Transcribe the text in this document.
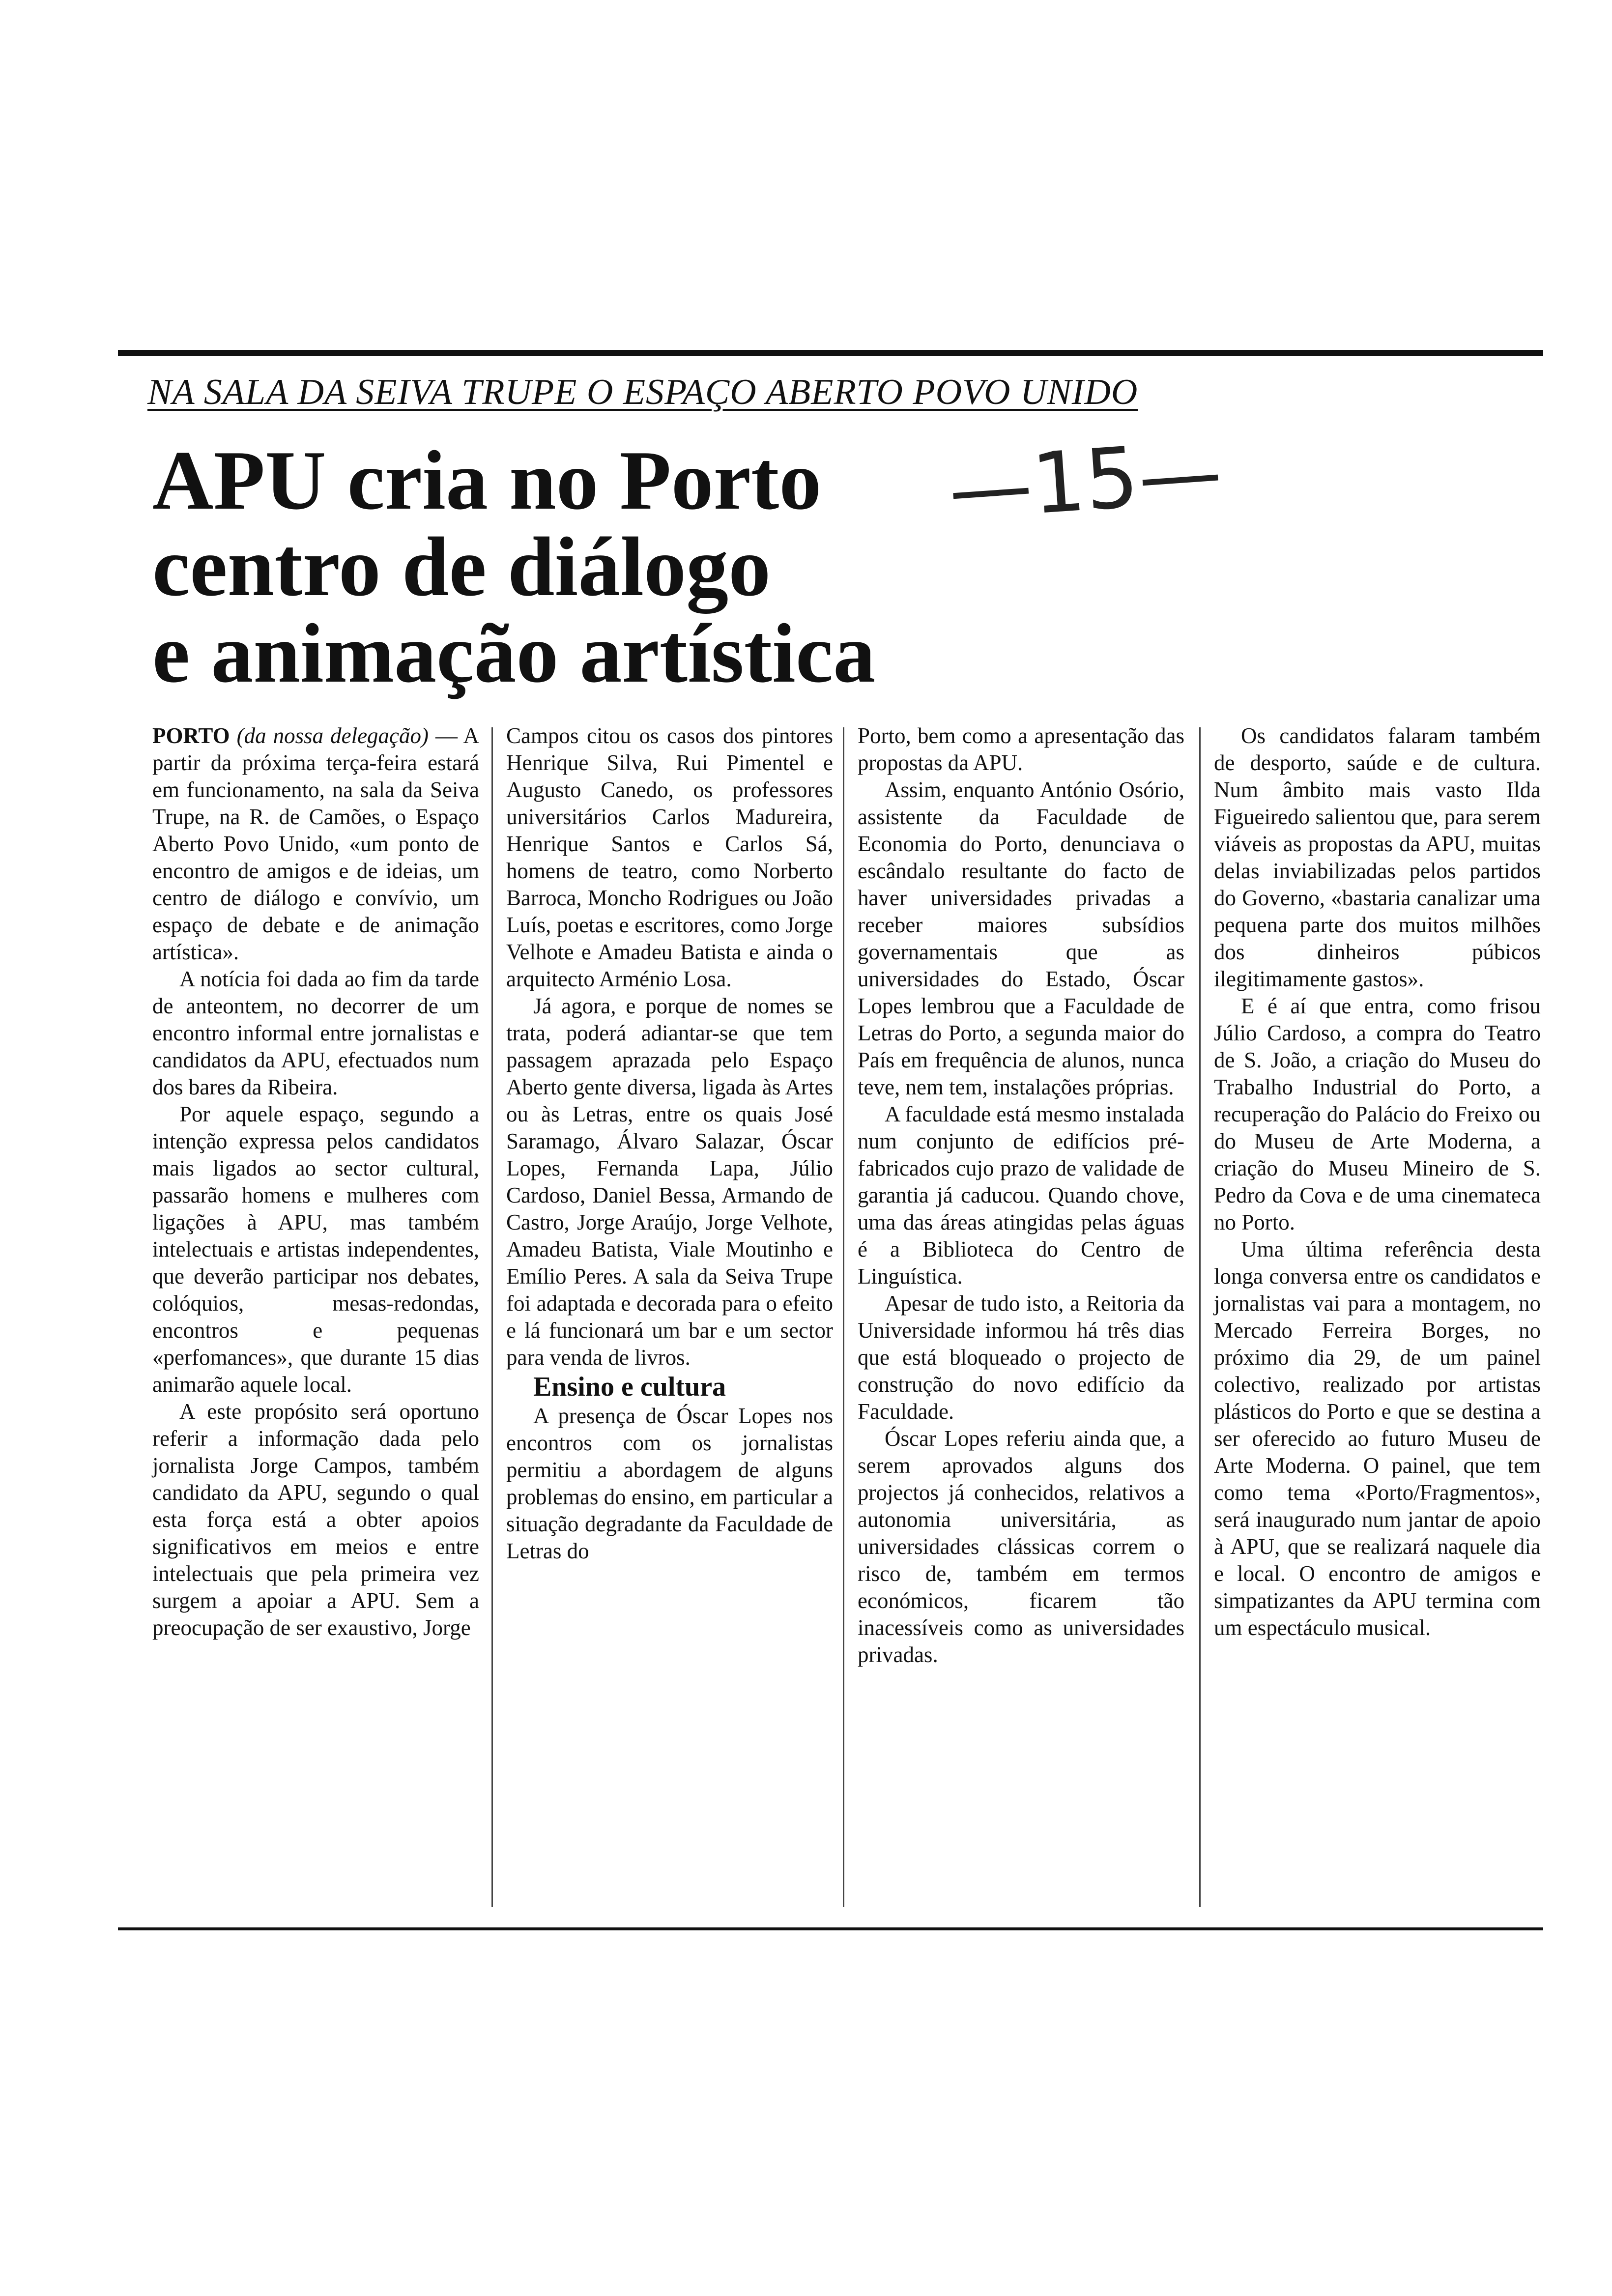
NA SALA DA SEIVA TRUPE O ESPAÇO ABERTO POVO UNIDO
APU cria no Porto
centro de diálogo
e animação artística
—15—

PORTO (da nossa delegação) — A partir da próxima terça-feira estará em funcionamento, na sala da Seiva Trupe, na R. de Camões, o Espaço Aberto Povo Unido, «um ponto de encontro de amigos e de ideias, um centro de diálogo e convívio, um espaço de debate e de animação artística».

A notícia foi dada ao fim da tarde de anteontem, no decorrer de um encontro informal entre jornalistas e candidatos da APU, efectuados num dos bares da Ribeira.

Por aquele espaço, segundo a intenção expressa pelos candidatos mais ligados ao sector cultural, passarão homens e mulheres com ligações à APU, mas também intelectuais e artistas independentes, que deverão participar nos debates, colóquios, mesas-redondas, encontros e pequenas «perfomances», que durante 15 dias animarão aquele local.

A este propósito será oportuno referir a informação dada pelo jornalista Jorge Campos, também candidato da APU, segundo o qual esta força está a obter apoios significativos em meios e entre intelectuais que pela primeira vez surgem a apoiar a APU. Sem a preocupação de ser exaustivo, Jorge

Campos citou os casos dos pintores Henrique Silva, Rui Pimentel e Augusto Canedo, os professores universitários Carlos Madureira, Henrique Santos e Carlos Sá, homens de teatro, como Norberto Barroca, Moncho Rodrigues ou João Luís, poetas e escritores, como Jorge Velhote e Amadeu Batista e ainda o arquitecto Arménio Losa.

Já agora, e porque de nomes se trata, poderá adiantar-se que tem passagem aprazada pelo Espaço Aberto gente diversa, ligada às Artes ou às Letras, entre os quais José Saramago, Álvaro Salazar, Óscar Lopes, Fernanda Lapa, Júlio Cardoso, Daniel Bessa, Armando de Castro, Jorge Araújo, Jorge Velhote, Amadeu Batista, Viale Moutinho e Emílio Peres. A sala da Seiva Trupe foi adaptada e decorada para o efeito e lá funcionará um bar e um sector para venda de livros.

Ensino e cultura

A presença de Óscar Lopes nos encontros com os jornalistas permitiu a abordagem de alguns problemas do ensino, em particular a situação degradante da Faculdade de Letras do

Porto, bem como a apresentação das propostas da APU.

Assim, enquanto António Osório, assistente da Faculdade de Economia do Porto, denunciava o escândalo resultante do facto de haver universidades privadas a receber maiores subsídios governamentais que as universidades do Estado, Óscar Lopes lembrou que a Faculdade de Letras do Porto, a segunda maior do País em frequência de alunos, nunca teve, nem tem, instalações próprias.

A faculdade está mesmo instalada num conjunto de edifícios pré-fabricados cujo prazo de validade de garantia já caducou. Quando chove, uma das áreas atingidas pelas águas é a Biblioteca do Centro de Linguística.

Apesar de tudo isto, a Reitoria da Universidade informou há três dias que está bloqueado o projecto de construção do novo edifício da Faculdade.

Óscar Lopes referiu ainda que, a serem aprovados alguns dos projectos já conhecidos, relativos a autonomia universitária, as universidades clássicas correm o risco de, também em termos económicos, ficarem tão inacessíveis como as universidades privadas.

Os candidatos falaram também de desporto, saúde e de cultura. Num âmbito mais vasto Ilda Figueiredo salientou que, para serem viáveis as propostas da APU, muitas delas inviabilizadas pelos partidos do Governo, «bastaria canalizar uma pequena parte dos muitos milhões dos dinheiros púbicos ilegitimamente gastos».

E é aí que entra, como frisou Júlio Cardoso, a compra do Teatro de S. João, a criação do Museu do Trabalho Industrial do Porto, a recuperação do Palácio do Freixo ou do Museu de Arte Moderna, a criação do Museu Mineiro de S. Pedro da Cova e de uma cinemateca no Porto.

Uma última referência desta longa conversa entre os candidatos e jornalistas vai para a montagem, no Mercado Ferreira Borges, no próximo dia 29, de um painel colectivo, realizado por artistas plásticos do Porto e que se destina a ser oferecido ao futuro Museu de Arte Moderna. O painel, que tem como tema «Porto/Fragmentos», será inaugurado num jantar de apoio à APU, que se realizará naquele dia e local. O encontro de amigos e simpatizantes da APU termina com um espectáculo musical.
